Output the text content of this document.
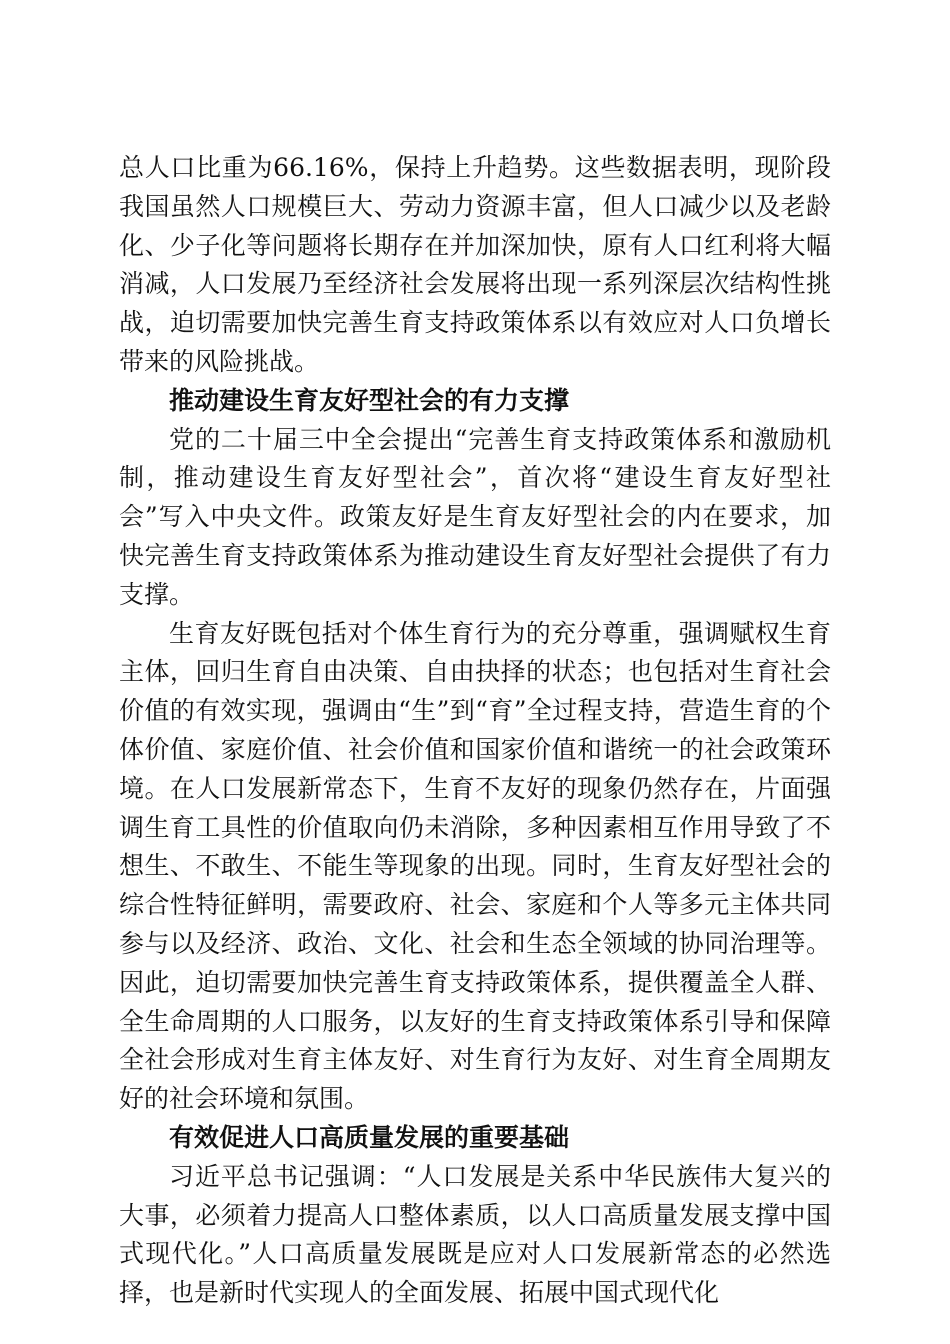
总人口比重为66.16%，保持上升趋势。这些数据表明，现阶段我国虽然人口规模巨大、劳动力资源丰富，但人口减少以及老龄化、少子化等问题将长期存在并加深加快，原有人口红利将大幅消减，人口发展乃至经济社会发展将出现一系列深层次结构性挑战，迫切需要加快完善生育支持政策体系以有效应对人口负增长带来的风险挑战。

推动建设生育友好型社会的有力支撑

党的二十届三中全会提出“完善生育支持政策体系和激励机制，推动建设生育友好型社会”，首次将“建设生育友好型社会”写入中央文件。政策友好是生育友好型社会的内在要求，加快完善生育支持政策体系为推动建设生育友好型社会提供了有力支撑。

生育友好既包括对个体生育行为的充分尊重，强调赋权生育主体，回归生育自由决策、自由抉择的状态；也包括对生育社会价值的有效实现，强调由“生”到“育”全过程支持，营造生育的个体价值、家庭价值、社会价值和国家价值和谐统一的社会政策环境。在人口发展新常态下，生育不友好的现象仍然存在，片面强调生育工具性的价值取向仍未消除，多种因素相互作用导致了不想生、不敢生、不能生等现象的出现。同时，生育友好型社会的综合性特征鲜明，需要政府、社会、家庭和个人等多元主体共同参与以及经济、政治、文化、社会和生态全领域的协同治理等。因此，迫切需要加快完善生育支持政策体系，提供覆盖全人群、全生命周期的人口服务，以友好的生育支持政策体系引导和保障全社会形成对生育主体友好、对生育行为友好、对生育全周期友好的社会环境和氛围。

有效促进人口高质量发展的重要基础

习近平总书记强调：“人口发展是关系中华民族伟大复兴的大事，必须着力提高人口整体素质，以人口高质量发展支撑中国式现代化。”人口高质量发展既是应对人口发展新常态的必然选择，也是新时代实现人的全面发展、拓展中国式现代化
